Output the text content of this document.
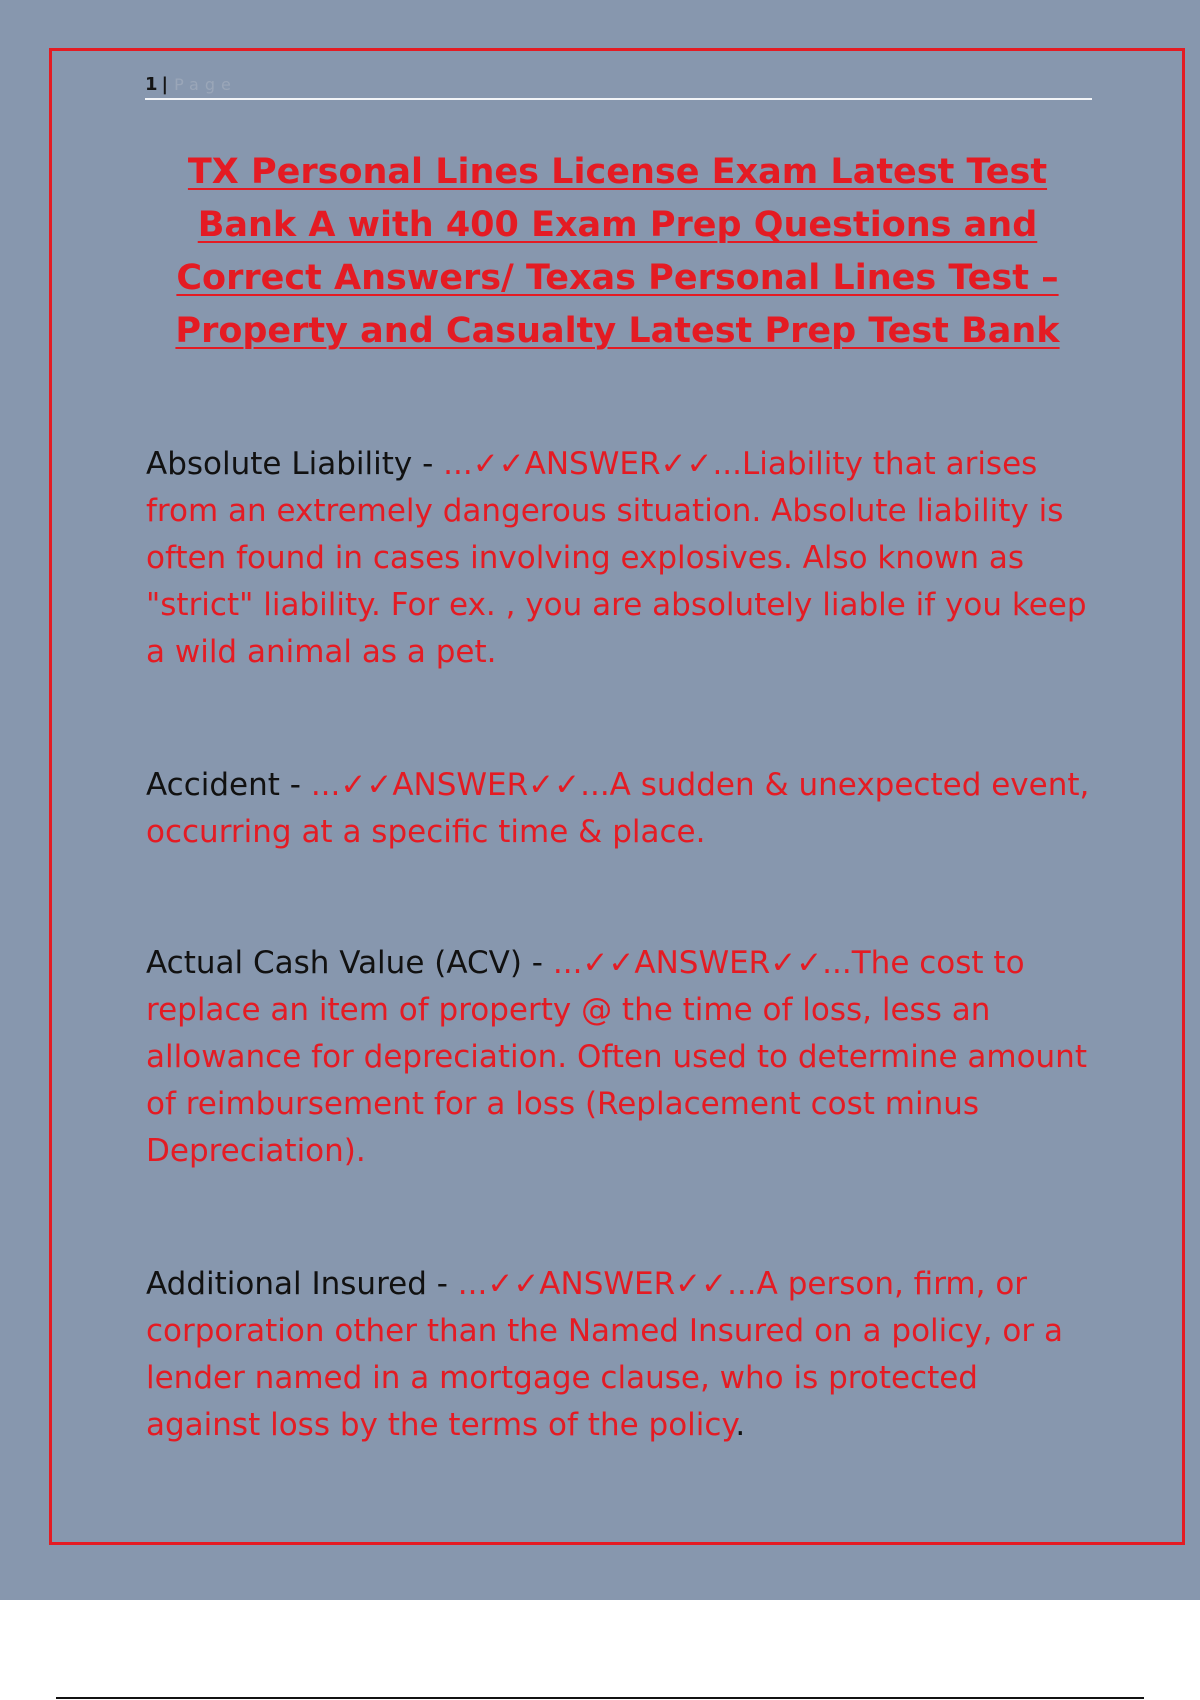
1 | Page
TX Personal Lines License Exam Latest Test Bank A with 400 Exam Prep Questions and Correct Answers/ Texas Personal Lines Test – Property and Casualty Latest Prep Test Bank

Absolute Liability - ...✓✓ANSWER✓✓...Liability that arises from an extremely dangerous situation. Absolute liability is often found in cases involving explosives. Also known as "strict" liability. For ex. , you are absolutely liable if you keep a wild animal as a pet.

Accident - ...✓✓ANSWER✓✓...A sudden & unexpected event, occurring at a specific time & place.

Actual Cash Value (ACV) - ...✓✓ANSWER✓✓...The cost to replace an item of property @ the time of loss, less an allowance for depreciation. Often used to determine amount of reimbursement for a loss (Replacement cost minus Depreciation).

Additional Insured - ...✓✓ANSWER✓✓...A person, firm, or corporation other than the Named Insured on a policy, or a lender named in a mortgage clause, who is protected against loss by the terms of the policy.
